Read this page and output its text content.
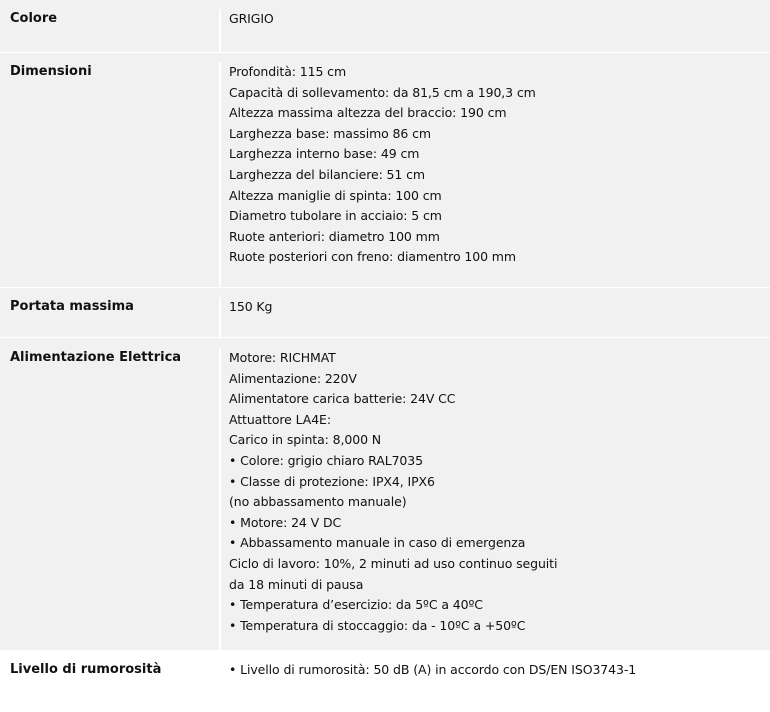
Colore	GRIGIO
Dimensioni	Profondità: 115 cm
Capacità di sollevamento: da 81,5 cm a 190,3 cm
Altezza massima altezza del braccio: 190 cm
Larghezza base: massimo 86 cm
Larghezza interno base: 49 cm
Larghezza del bilanciere: 51 cm
Altezza maniglie di spinta: 100 cm
Diametro tubolare in acciaio: 5 cm
Ruote anteriori: diametro 100 mm
Ruote posteriori con freno: diamentro 100 mm
Portata massima	150 Kg
Alimentazione Elettrica	Motore: RICHMAT
Alimentazione: 220V
Alimentatore carica batterie: 24V CC
Attuattore LA4E:
Carico in spinta: 8,000 N
• Colore: grigio chiaro RAL7035
• Classe di protezione: IPX4, IPX6
(no abbassamento manuale)
• Motore: 24 V DC
• Abbassamento manuale in caso di emergenza
Ciclo di lavoro: 10%, 2 minuti ad uso continuo seguiti
da 18 minuti di pausa
• Temperatura d’esercizio: da 5ºC a 40ºC
• Temperatura di stoccaggio: da - 10ºC a +50ºC
Livello di rumorosità	• Livello di rumorosità: 50 dB (A) in accordo con DS/EN ISO3743-1
